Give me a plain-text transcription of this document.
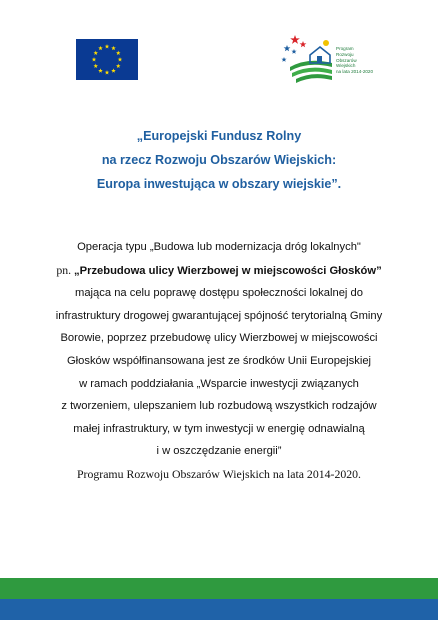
Program
Rozwoju
Obszarów
Wiejskich
na lata 2014-2020
„Europejski Fundusz Rolny
na rzecz Rozwoju Obszarów Wiejskich:
Europa inwestująca w obszary wiejskie”.
Operacja typu „Budowa lub modernizacja dróg lokalnych"
pn. „Przebudowa ulicy Wierzbowej w miejscowości Głosków”
mająca na celu poprawę dostępu społeczności lokalnej do
infrastruktury drogowej gwarantującej spójność terytorialną Gminy
Borowie, poprzez przebudowę ulicy Wierzbowej w miejscowości
Głosków współfinansowana jest ze środków Unii Europejskiej
w ramach poddziałania „Wsparcie inwestycji związanych
z tworzeniem, ulepszaniem lub rozbudową wszystkich rodzajów
małej infrastruktury, w tym inwestycji w energię odnawialną
i w oszczędzanie energii”
Programu Rozwoju Obszarów Wiejskich na lata 2014-2020.
